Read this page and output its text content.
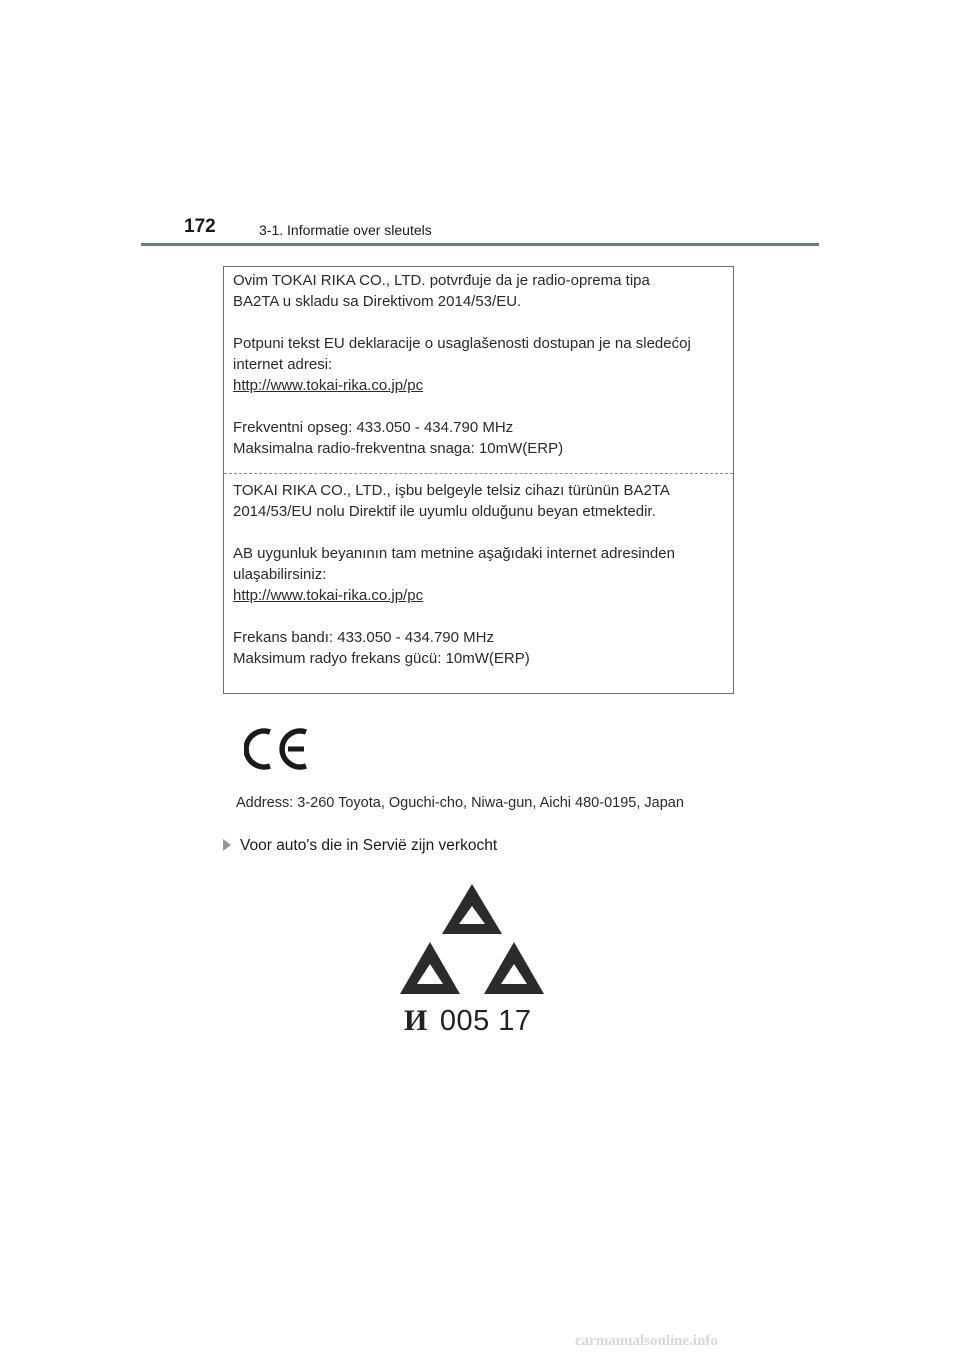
172	3-1. Informatie over sleutels

Ovim TOKAI RIKA CO., LTD. potvrđuje da je radio-oprema tipa

BA2TA u skladu sa Direktivom 2014/53/EU.

Potpuni tekst EU deklaracije o usaglašenosti dostupan je na sledećoj

internet adresi:

http://www.tokai-rika.co.jp/pc

Frekventni opseg: 433.050 - 434.790 MHz

Maksimalna radio-frekventna snaga: 10mW(ERP)

TOKAI RIKA CO., LTD., işbu belgeyle telsiz cihazı türünün BA2TA

2014/53/EU nolu Direktif ile uyumlu olduğunu beyan etmektedir.

AB uygunluk beyanının tam metnine aşağıdaki internet adresinden

ulaşabilirsiniz:

http://www.tokai-rika.co.jp/pc

Frekans bandı: 433.050 - 434.790 MHz

Maksimum radyo frekans gücü: 10mW(ERP)

Address: 3-260 Toyota, Oguchi-cho, Niwa-gun, Aichi 480-0195, Japan
Voor auto's die in Servië zijn verkocht
И 005 17
carmanualsonline.info
